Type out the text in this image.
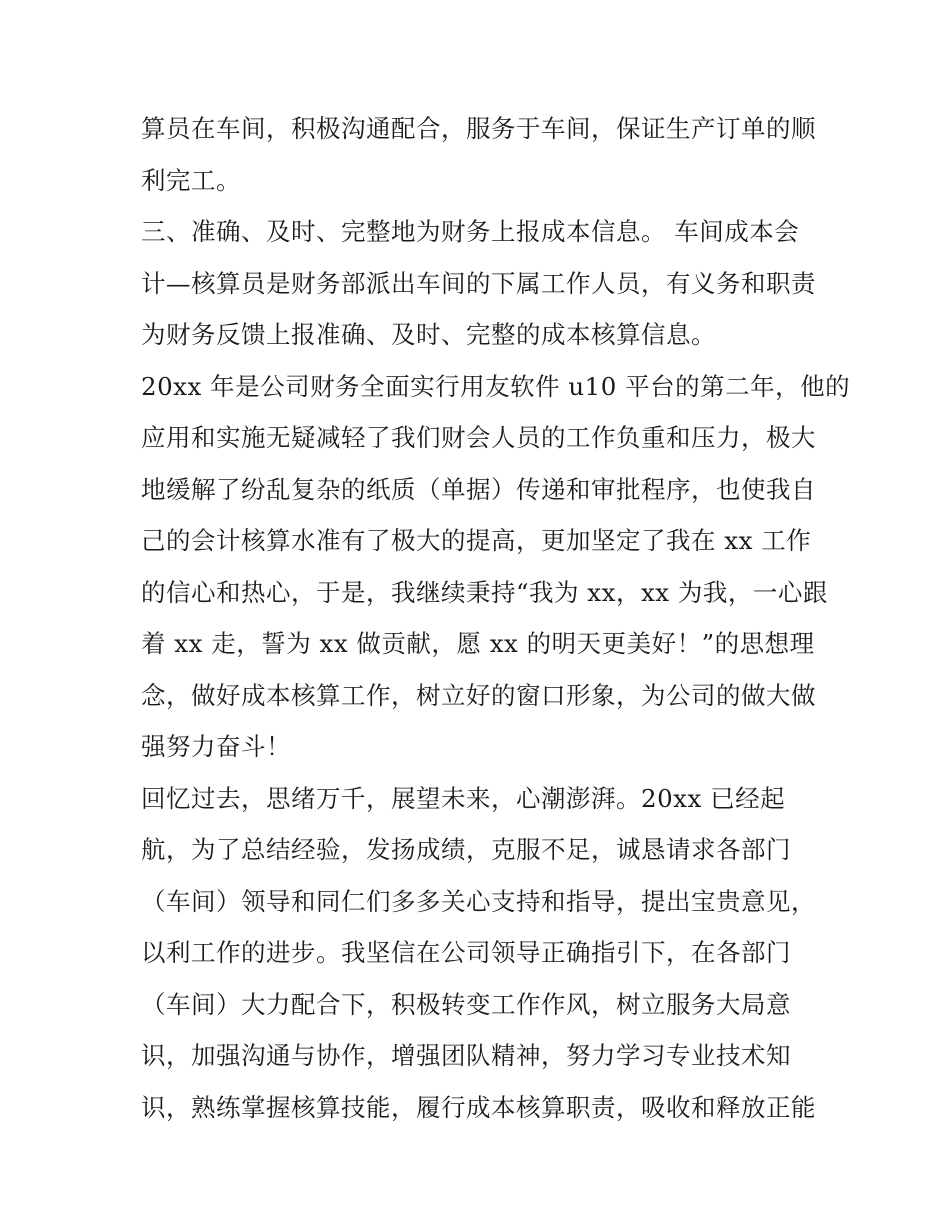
算员在车间，积极沟通配合，服务于车间，保证生产订单的顺
利完工。
三、准确、及时、完整地为财务上报成本信息。 车间成本会
计—核算员是财务部派出车间的下属工作人员，有义务和职责
为财务反馈上报准确、及时、完整的成本核算信息。
20xx 年是公司财务全面实行用友软件 u10 平台的第二年，他的
应用和实施无疑减轻了我们财会人员的工作负重和压力，极大
地缓解了纷乱复杂的纸质（单据）传递和审批程序，也使我自
己的会计核算水准有了极大的提高，更加坚定了我在 xx 工作
的信心和热心，于是，我继续秉持“我为 xx，xx 为我，一心跟
着 xx 走，誓为 xx 做贡献，愿 xx 的明天更美好！”的思想理
念，做好成本核算工作，树立好的窗口形象，为公司的做大做
强努力奋斗！
回忆过去，思绪万千，展望未来，心潮澎湃。20xx 已经起
航，为了总结经验，发扬成绩，克服不足，诚恳请求各部门
（车间）领导和同仁们多多关心支持和指导，提出宝贵意见，
以利工作的进步。我坚信在公司领导正确指引下，在各部门
（车间）大力配合下，积极转变工作作风，树立服务大局意
识，加强沟通与协作，增强团队精神，努力学习专业技术知
识，熟练掌握核算技能，履行成本核算职责，吸收和释放正能
